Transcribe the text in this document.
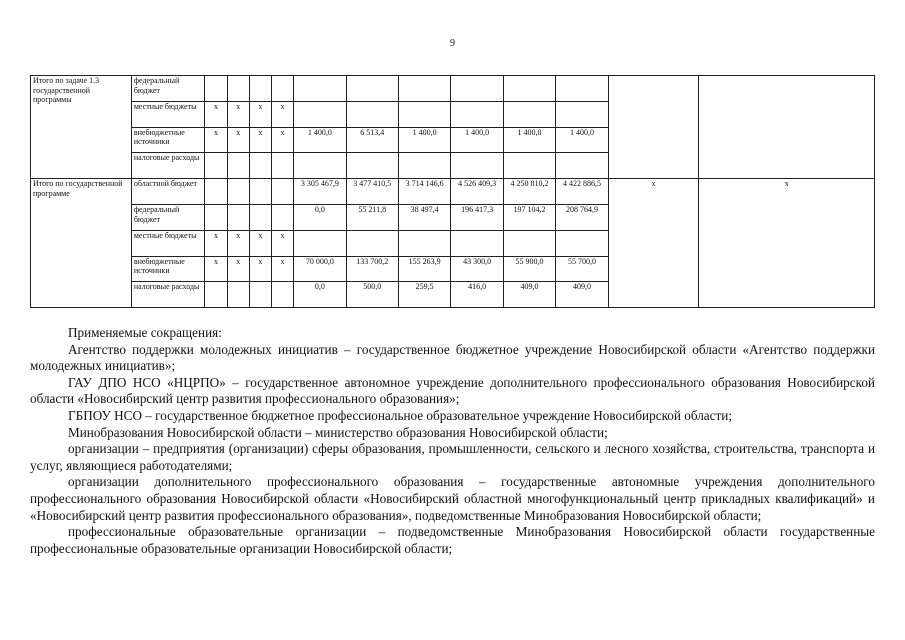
9
Итого по задаче 1.3 государственной программы	федеральный бюджет												
	местные бюджеты	x	x	x	x								
	внебюджетные источники	x	x	x	x	1 400,0	6 513,4	1 400,0	1 400,0	1 400,0	1 400,0		
	налоговые расходы												
Итого по государственной программе	областной бюджет					3 305 467,9	3 477 410,5	3 714 146,6	4 526 409,3	4 250 810,2	4 422 886,5	x	x
	федеральный бюджет					0,0	55 211,8	38 497,4	196 417,3	197 104,2	208 764,9		
	местные бюджеты	x	x	x	x								
	внебюджетные источники	x	x	x	x	70 000,0	133 700,2	155 263,9	43 300,0	55 900,0	55 700,0		
	налоговые расходы					0,0	500,0	259,5	416,0	409,0	409,0		

Применяемые сокращения:

Агентство поддержки молодежных инициатив – государственное бюджетное учреждение Новосибирской области «Агентство поддержки молодежных инициатив»;

ГАУ ДПО НСО «НЦРПО» – государственное автономное учреждение дополнительного профессионального образования Новосибирской области «Новосибирский центр развития профессионального образования»;

ГБПОУ НСО – государственное бюджетное профессиональное образовательное учреждение Новосибирской области;

Минобразования Новосибирской области – министерство образования Новосибирской области;

организации – предприятия (организации) сферы образования, промышленности, сельского и лесного хозяйства, строительства, транспорта и услуг, являющиеся работодателями;

организации дополнительного профессионального образования – государственные автономные учреждения дополнительного профессионального образования Новосибирской области «Новосибирский областной многофункциональный центр прикладных квалификаций» и «Новосибирский центр развития профессионального образования», подведомственные Минобразования Новосибирской области;

профессиональные образовательные организации – подведомственные Минобразования Новосибирской области государственные профессиональные образовательные организации Новосибирской области;
